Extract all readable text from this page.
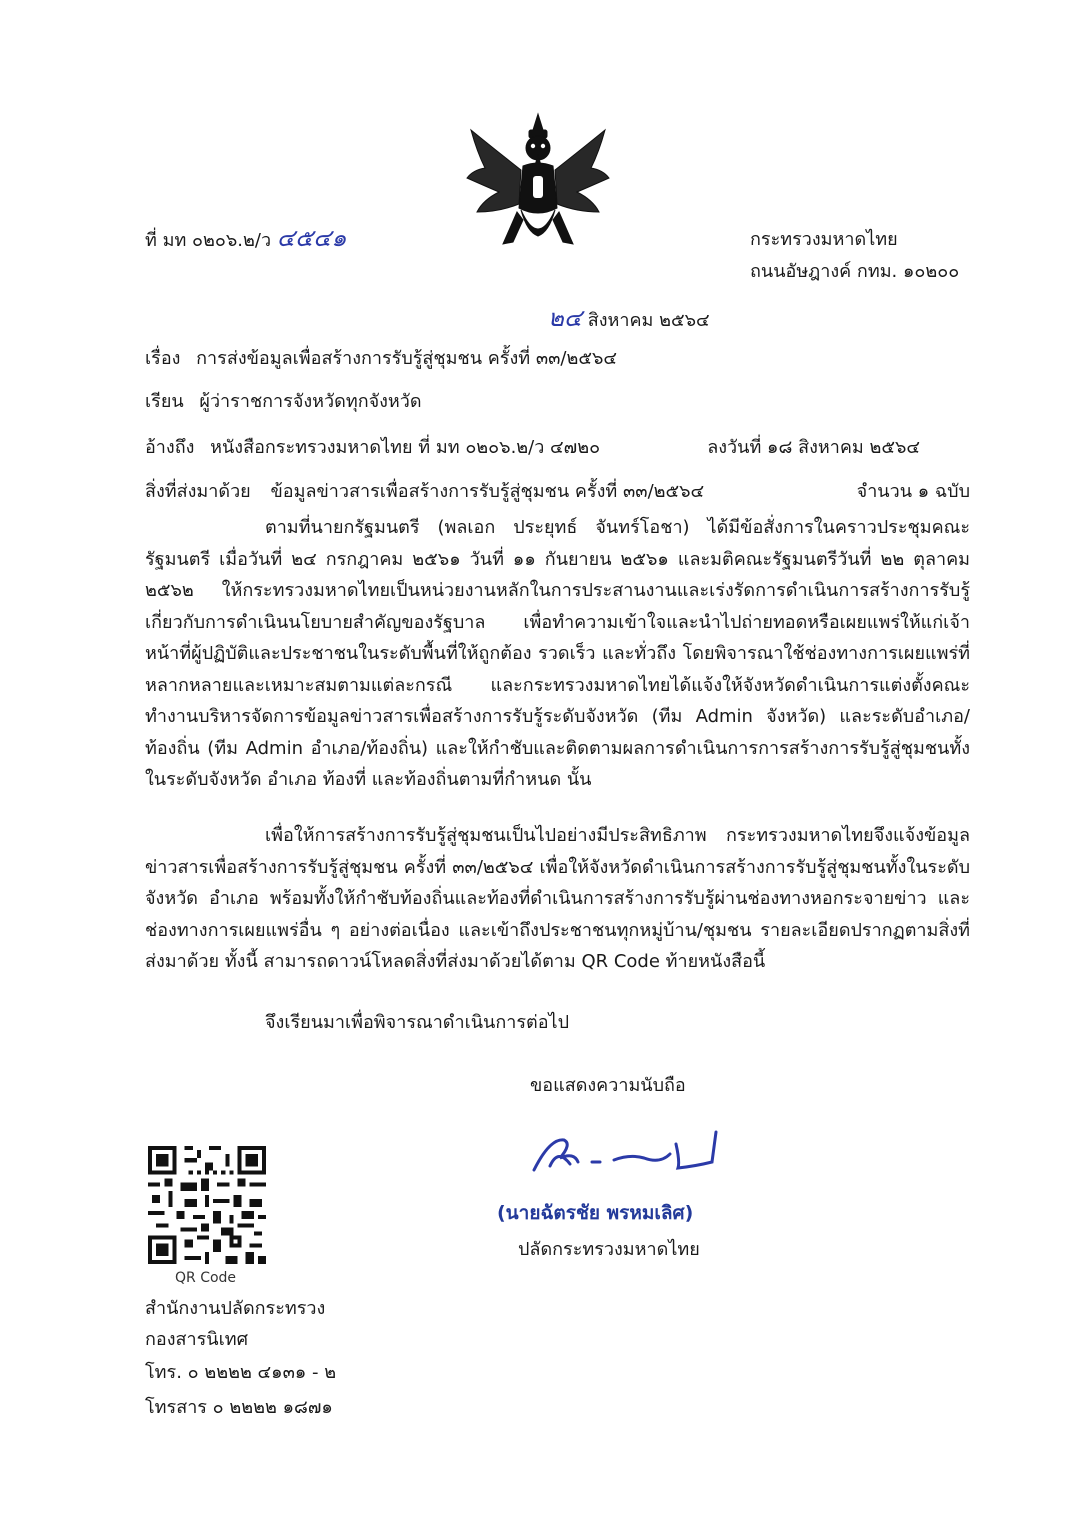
ที่ มท ๐๒๐๖.๒/ว ๔๕๔๑	กระทรวงมหาดไทย
ถนนอัษฎางค์ กทม. ๑๐๒๐๐
๒๔ สิงหาคม ๒๕๖๔
เรื่อง การส่งข้อมูลเพื่อสร้างการรับรู้สู่ชุมชน ครั้งที่ ๓๓/๒๕๖๔
เรียน ผู้ว่าราชการจังหวัดทุกจังหวัด
อ้างถึง หนังสือกระทรวงมหาดไทย ที่ มท ๐๒๐๖.๒/ว ๔๗๒๐	ลงวันที่ ๑๘ สิงหาคม ๒๕๖๔
สิ่งที่ส่งมาด้วย ข้อมูลข่าวสารเพื่อสร้างการรับรู้สู่ชุมชน ครั้งที่ ๓๓/๒๕๖๔	จำนวน ๑ ฉบับ

ตามที่นายกรัฐมนตรี (พลเอก ประยุทธ์ จันทร์โอชา) ได้มีข้อสั่งการในคราวประชุมคณะรัฐมนตรี เมื่อวันที่ ๒๔ กรกฎาคม ๒๕๖๑ วันที่ ๑๑ กันยายน ๒๕๖๑ และมติคณะรัฐมนตรีวันที่ ๒๒ ตุลาคม ๒๕๖๒ ให้กระทรวงมหาดไทยเป็นหน่วยงานหลักในการประสานงานและเร่งรัดการดำเนินการสร้างการรับรู้เกี่ยวกับการดำเนินนโยบายสำคัญของรัฐบาล เพื่อทำความเข้าใจและนำไปถ่ายทอดหรือเผยแพร่ให้แก่เจ้าหน้าที่ผู้ปฏิบัติและประชาชนในระดับพื้นที่ให้ถูกต้อง รวดเร็ว และทั่วถึง โดยพิจารณาใช้ช่องทางการเผยแพร่ที่หลากหลายและเหมาะสมตามแต่ละกรณี และกระทรวงมหาดไทยได้แจ้งให้จังหวัดดำเนินการแต่งตั้งคณะทำงานบริหารจัดการข้อมูลข่าวสารเพื่อสร้างการรับรู้ระดับจังหวัด (ทีม Admin จังหวัด) และระดับอำเภอ/ท้องถิ่น (ทีม Admin อำเภอ/ท้องถิ่น) และให้กำชับและติดตามผลการดำเนินการการสร้างการรับรู้สู่ชุมชนทั้งในระดับจังหวัด อำเภอ ท้องที่ และท้องถิ่นตามที่กำหนด นั้น

เพื่อให้การสร้างการรับรู้สู่ชุมชนเป็นไปอย่างมีประสิทธิภาพ กระทรวงมหาดไทยจึงแจ้งข้อมูลข่าวสารเพื่อสร้างการรับรู้สู่ชุมชน ครั้งที่ ๓๓/๒๕๖๔ เพื่อให้จังหวัดดำเนินการสร้างการรับรู้สู่ชุมชนทั้งในระดับจังหวัด อำเภอ พร้อมทั้งให้กำชับท้องถิ่นและท้องที่ดำเนินการสร้างการรับรู้ผ่านช่องทางหอกระจายข่าว และช่องทางการเผยแพร่อื่น ๆ อย่างต่อเนื่อง และเข้าถึงประชาชนทุกหมู่บ้าน/ชุมชน รายละเอียดปรากฏตามสิ่งที่ส่งมาด้วย ทั้งนี้ สามารถดาวน์โหลดสิ่งที่ส่งมาด้วยได้ตาม QR Code ท้ายหนังสือนี้

จึงเรียนมาเพื่อพิจารณาดำเนินการต่อไป
ขอแสดงความนับถือ
(นายฉัตรชัย พรหมเลิศ)
ปลัดกระทรวงมหาดไทย
QR Code
สำนักงานปลัดกระทรวง
กองสารนิเทศ
โทร. ๐ ๒๒๒๒ ๔๑๓๑ - ๒
โทรสาร ๐ ๒๒๒๒ ๑๘๗๑
